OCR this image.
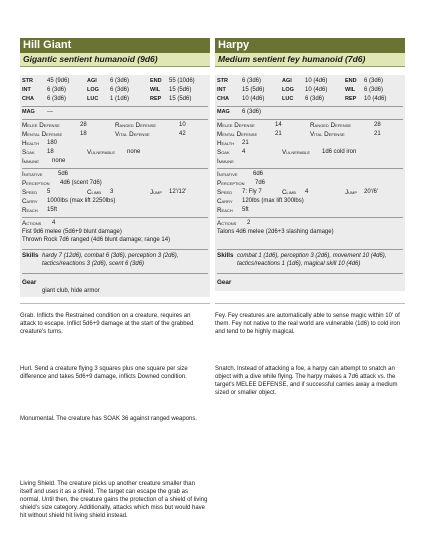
Hill Giant
Gigantic sentient humanoid (9d6)
STR 45 (9d6)	AGI 6 (3d6)	END 55 (10d6)
INT	6 (3d6)	LOG 6 (3d6)	WIL 15 (5d6)
CHA 6 (3d6)	LUC 1 (1d6)	REP 15 (5d6)
MAG ---
Melee Defense	28	Ranged Defense	10
Mental Defense	18	Vital Defense	42
Health 180
Soak 18	Vulnerable none
Immune none
Initiative	5d6
Perception 4d6 (scent 7d6)
Speed 5	Climb 3	Jump 12'/12'
Carry 1000lbs (max lift 2250lbs)
Reach 15ft
Actions 4
Fist 9d6 melee (5d6+9 blunt damage)
Thrown Rock 7d6 ranged (4d6 blunt damage; range 14)
Skills hardy 7 (12d6), combat 6 (3d6), perception 3 (2d6), tactics/reactions 3 (2d6), scent 6 (3d6)
Gear
giant club, hide armor
Harpy
Medium sentient fey humanoid (7d6)
STR 6 (3d6)	AGI 10 (4d6)	END 6 (3d6)
INT	15 (5d6)	LOG 10 (4d6)	WIL 6 (3d6)
CHA 10 (4d6)	LUC 6 (3d6)	REP 10 (4d6)
MAG 6 (3d6)
Melee Defense	14	Ranged Defense	28
Mental Defense	21	Vital Defense	21
Health 21
Soak 4	Vulnerable 1d6 cold iron
Immune
Initiative	6d6
Perception 7d6
Speed 7: Fly 7	Climb 4	Jump 20'/6'
Carry 120lbs (max lift 300lbs)
Reach 5ft
Actions 2
Talons 4d6 melee (2d6+3 slashing damage)

Skills combat 1 (1d6), perception 3 (2d6), movement 10 (4d6), tactics/reactions 1 (1d6), magical skill 10 (4d6)
Gear
Grab. Inflicts the Restrained condition on a creature, requires an attack to escape. Inflict 5d6+9 damage at the start of the grabbed creature's turns.
Hurl. Send a creature flying 3 squares plus one square per size difference and takes 5d6+9 damage, inflicts Downed condition.
Monumental. The creature has SOAK 36 against ranged weapons.
Living Shield. The creature picks up another creature smaller than itself and uses it as a shield. The target can escape the grab as normal. Until then, the creature gains the protection of a shield of living shield's size category. Additionally, attacks which miss but would have hit without shield hit living shield instead.
Fey. Fey creatures are automatically able to sense magic within 10' of them. Fey not native to the real world are vulnerable (1d6) to cold iron and tend to be highly magical.
Snatch. Instead of attacking a foe, a harpy can attempt to snatch an object with a dive while flying. The harpy makes a 7d6 attack vs. the target's MELEE DEFENSE, and if successful carries away a medium sized or smaller object.
